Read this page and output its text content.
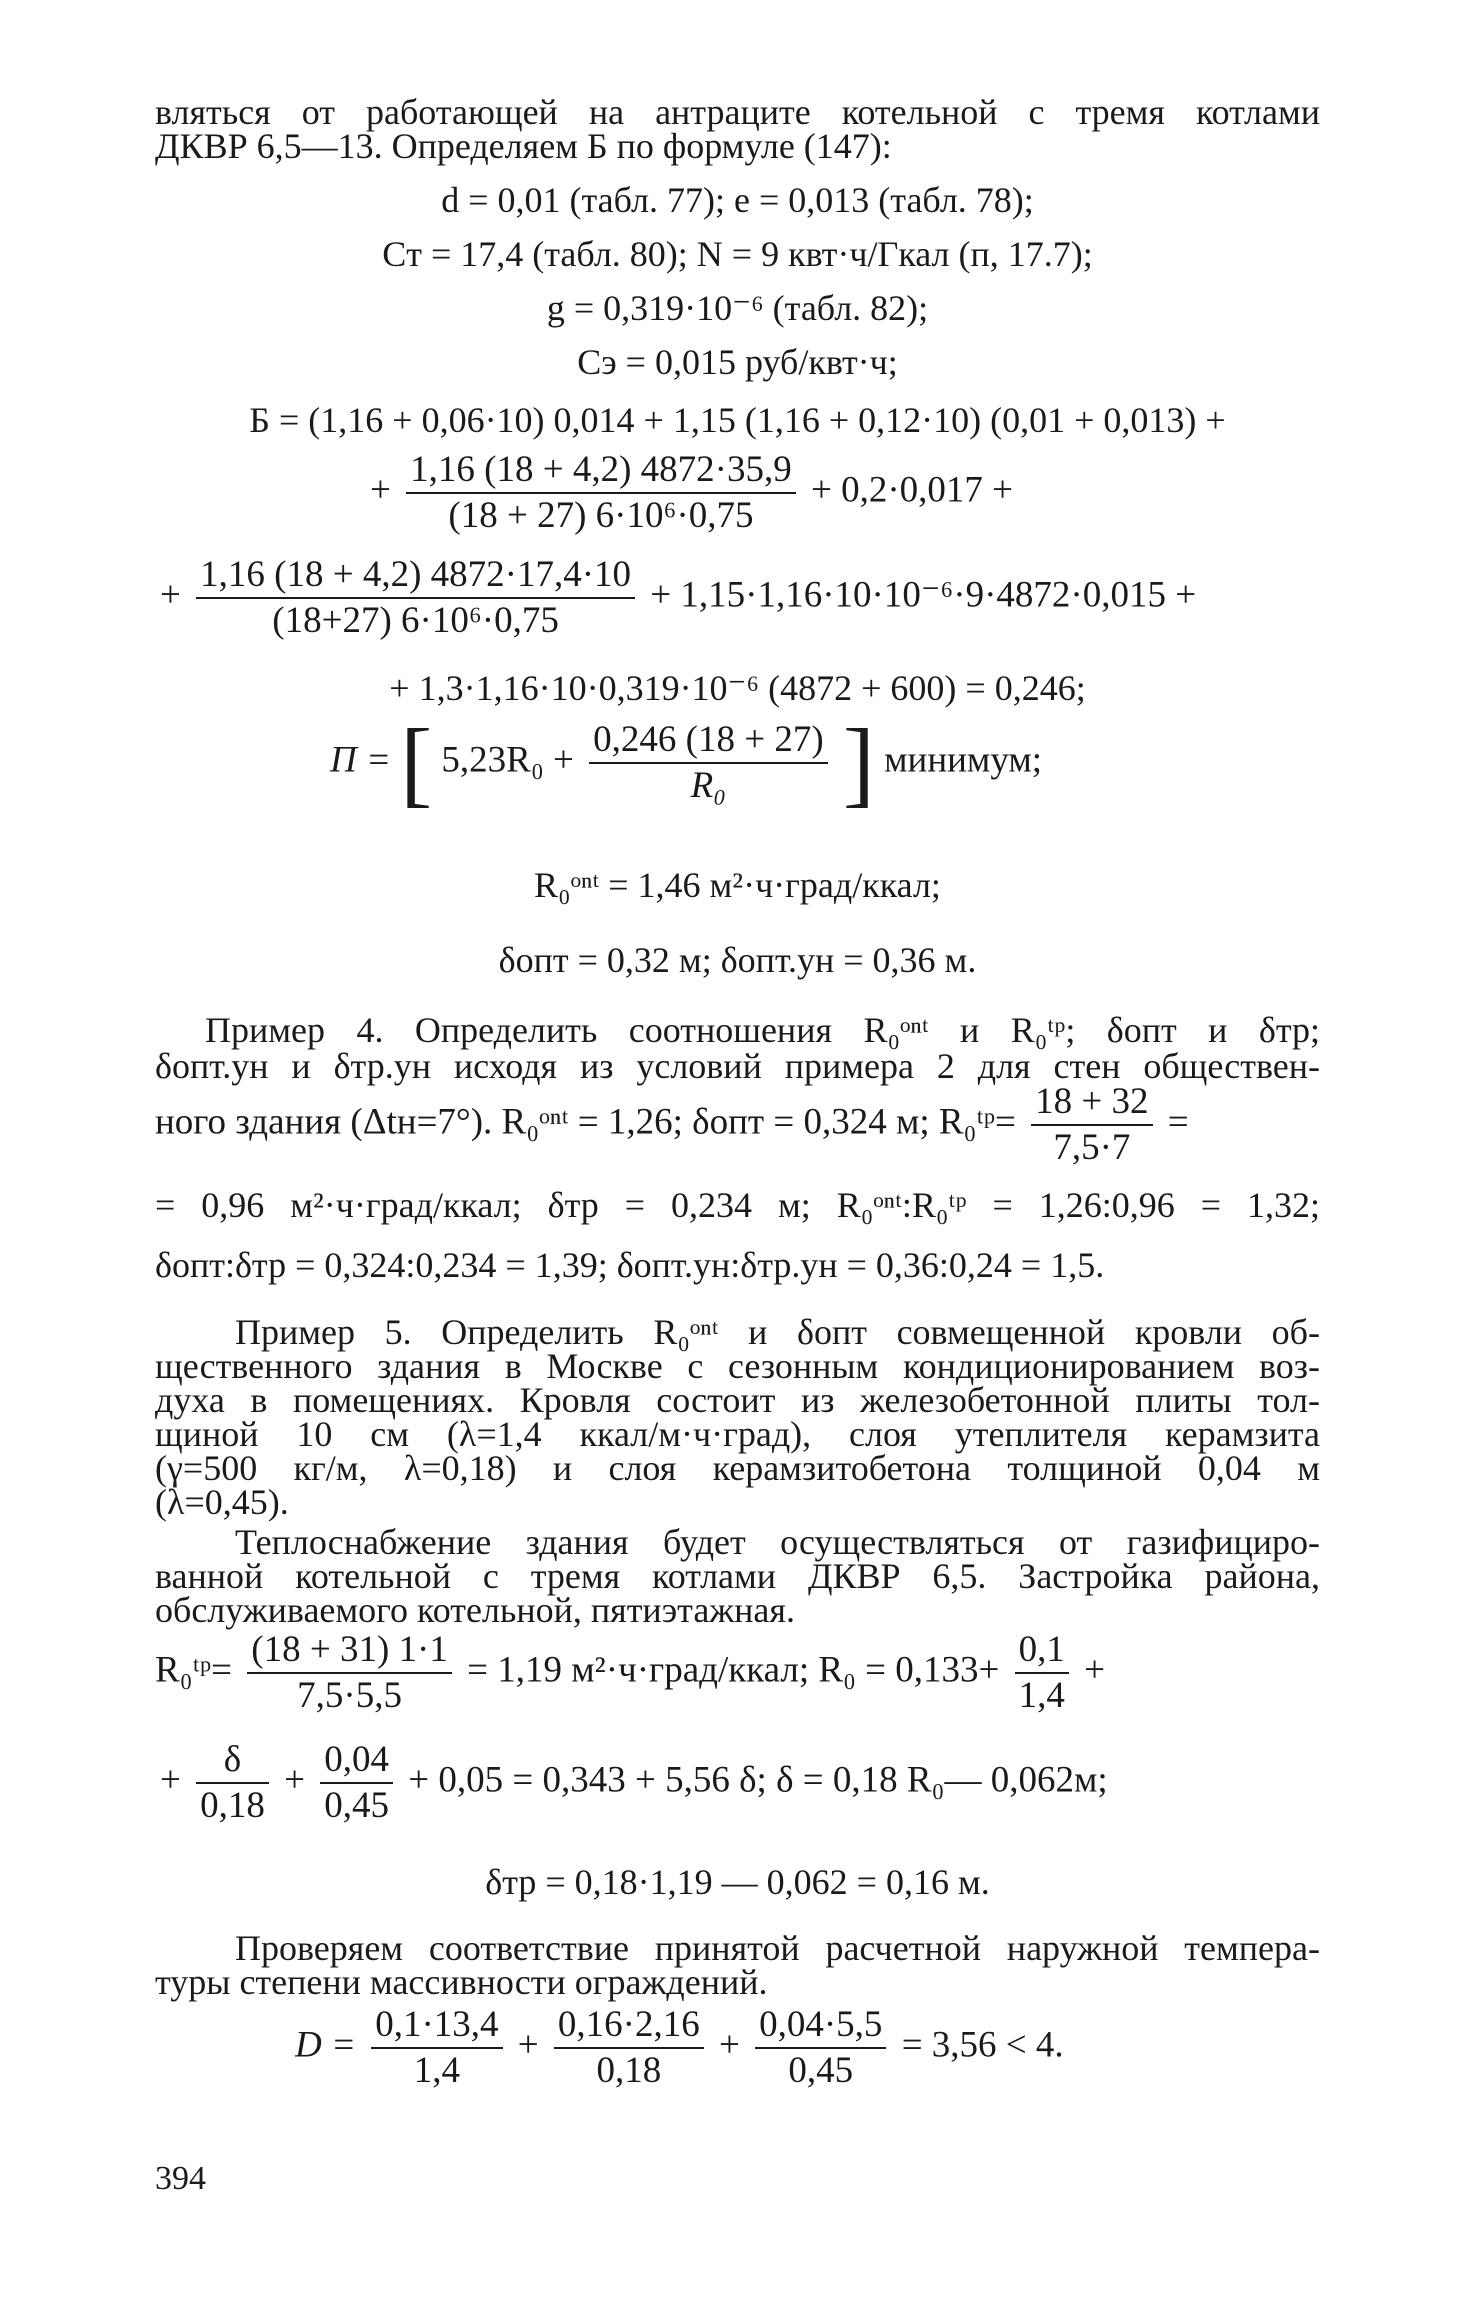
вляться от работающей на антраците котельной с тремя котлами
ДКВР 6,5—13. Определяем Б по формуле (147):
d = 0,01 (табл. 77); e = 0,013 (табл. 78);
Cт = 17,4 (табл. 80); N = 9 квт·ч/Гкал (п, 17.7);
g = 0,319·10⁻⁶ (табл. 82);
Cэ = 0,015 руб/квт·ч;
Б = (1,16 + 0,06·10) 0,014 + 1,15 (1,16 + 0,12·10) (0,01 + 0,013) +
+ $\frac{1,16 (18 + 4,2) 4872\cdot 35,9}{\text{(18 + 27) 6·10⁶·0,75}} + 0,2\cdot 0,017$ +
+ $\frac{1,16 (18 + 4,2) 4872\cdot 17,4\cdot 10}{\text{(18+27) 6·10⁶·0,75}} + 1,15\cdot 1,16\cdot 10\cdot 10^{-6}\cdot 9\cdot 4872\cdot 0,015$ +
+ 1,3·1,16·10·0,319·10⁻⁶ (4872 + 600) = 0,246;
П = [ $5,23R_0 + \frac{0,246 (18 + 27)}{\text{R₀}}$ ] минимум;
R₀ᵒⁿᵗ = 1,46 м²·ч·град/ккал;
δопт = 0,32 м; δопт.ун = 0,36 м.
Пример 4. Определить соотношения R₀ᵒⁿᵗ и R₀ᵗᵖ; δопт и δтр;
δопт.ун и δтр.ун исходя из условий примера 2 для стен обществен-
ного здания (Δtн=7°). R₀ᵒⁿᵗ = 1,26; δопт = 0,324 м; R₀ᵗᵖ= $\frac{18 + 32}{7,5\cdot 7}$ =
= 0,96 м²·ч·град/ккал; δтр = 0,234 м; R₀ᵒⁿᵗ:R₀ᵗᵖ = 1,26:0,96 = 1,32;
δопт:δтр = 0,324:0,234 = 1,39; δопт.ун:δтр.ун = 0,36:0,24 = 1,5.
Пример 5. Определить R₀ᵒⁿᵗ и δопт совмещенной кровли об-
щественного здания в Москве с сезонным кондиционированием воз-
духа в помещениях. Кровля состоит из железобетонной плиты тол-
щиной 10 см (λ=1,4 ккал/м·ч·град), слоя утеплителя керамзита
(γ=500 кг/м, λ=0,18) и слоя керамзитобетона толщиной 0,04 м
(λ=0,45).
Теплоснабжение здания будет осуществляться от газифициро-
ванной котельной с тремя котлами ДКВР 6,5. Застройка района,
обслуживаемого котельной, пятиэтажная.
R₀ᵗᵖ= $\frac{(18 + 31) 1\cdot 1}{7,5\cdot 5,5} = 1,19$ м²·ч·град/ккал; $R_0 = 0,133+ \frac{0,1}{1,4}$ +
+ $\frac{\delta}{0,18} + \frac{0,04}{0,45} + 0,05 = 0,343 + 5,56$ δ; δ = 0,18 R₀— 0,062м;
δтр = 0,18·1,19 — 0,062 = 0,16 м.
Проверяем соответствие принятой расчетной наружной темпера-
туры степени массивности ограждений.
$D = \frac{0,1\cdot 13,4}{1,4} + \frac{0,16\cdot 2,16}{0,18} + \frac{0,04\cdot 5,5}{0,45} = 3,56 < 4$.
394
